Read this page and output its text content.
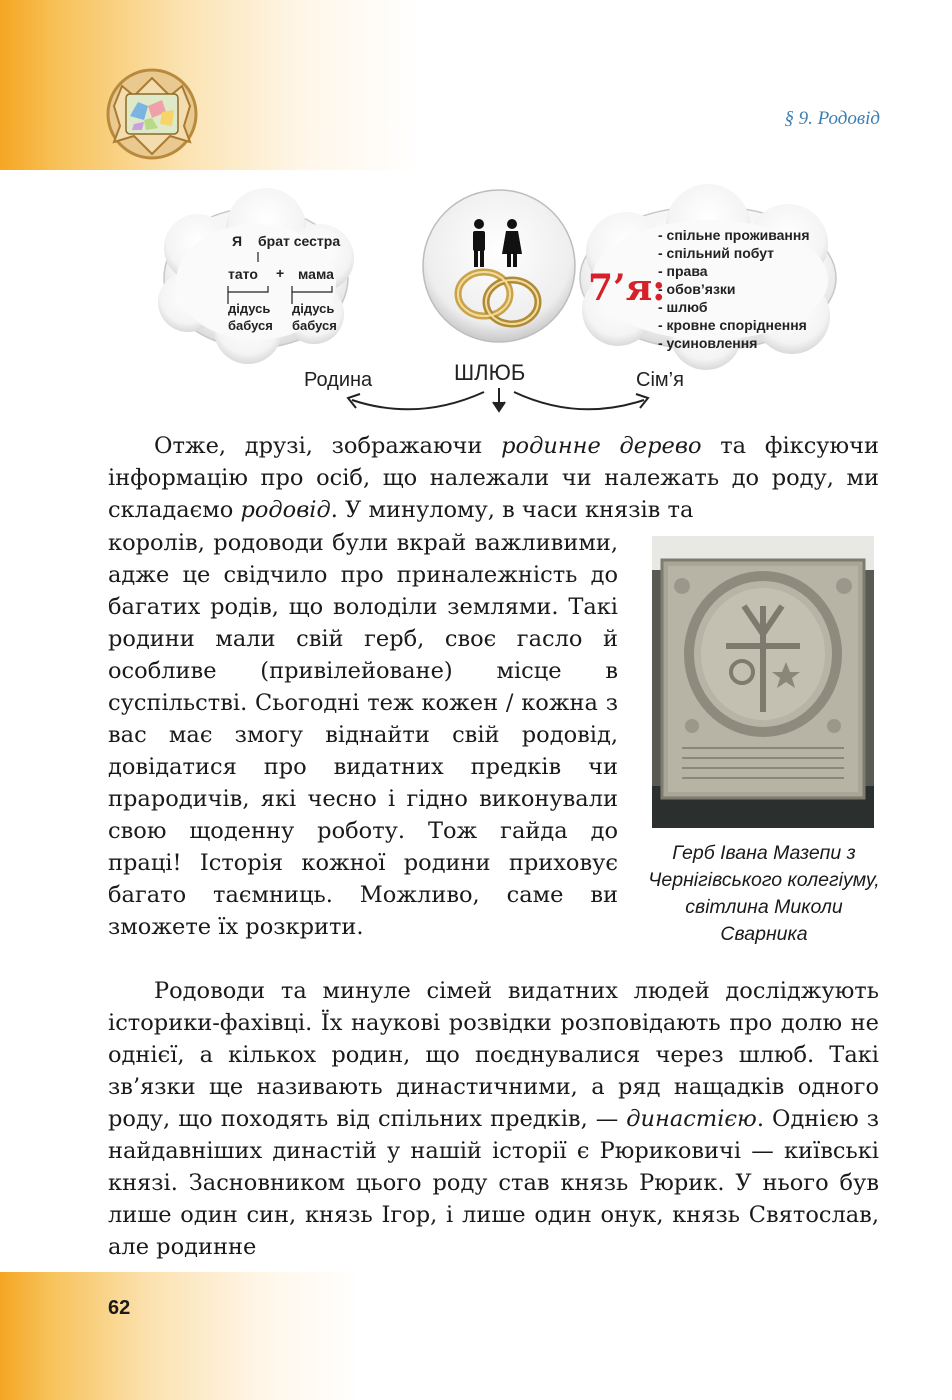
§ 9. Родовід
Я брат сестра
тато + мама
дідусь
бабуся
дідусь
бабуся
7’я:
- спільне проживання
- спільний побут
- права
- обов’язки
- шлюб
- кровне споріднення
- усиновлення
Родина	ШЛЮБ	Сім’я
Отже, друзі, зображаючи родинне дерево та фіксуючи інформацію про осіб, що належали чи належать до роду, ми складаємо родовід. У минулому, в часи князів та
королів, родоводи були вкрай важливими, адже це свідчило про приналежність до багатих родів, що володіли землями. Такі родини мали свій герб, своє гасло й особливе (привілейоване) місце в суспільстві. Сьогодні теж кожен / кожна з вас має змогу віднайти свій родовід, довідатися про видатних предків чи прародичів, які чесно і гідно виконували свою щоденну роботу. Тож гайда до праці! Історія кожної родини приховує багато таємниць. Можливо, саме ви зможете їх розкрити.
Герб Івана Мазепи з Чернігівського колегіуму, світлина Миколи Сварника
Родоводи та минуле сімей видатних людей досліджують історики-фахівці. Їх наукові розвідки розповідають про долю не однієї, а кількох родин, що поєднувалися через шлюб. Такі зв’язки ще називають династичними, а ряд нащадків одного роду, що походять від спільних предків, — династією. Однією з найдавніших династій у нашій історії є Рюриковичі — київські князі. Засновником цього роду став князь Рюрик. У нього був лише один син, князь Ігор, і лише один онук, князь Святослав, але родинне
62
